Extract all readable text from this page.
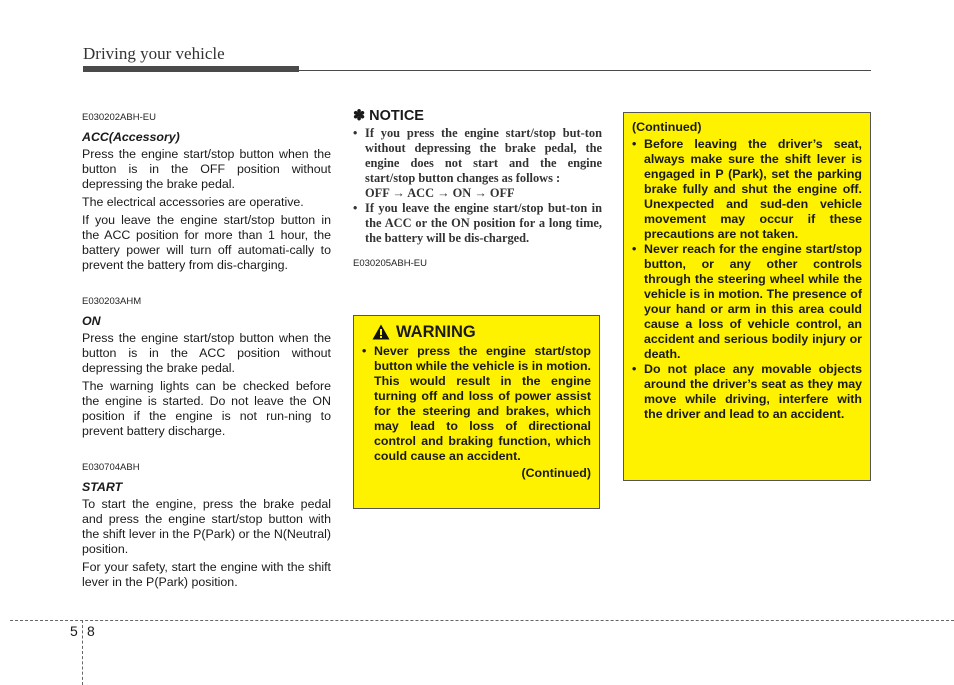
Driving your vehicle

E030202ABH-EU

ACC(Accessory)

Press the engine start/stop button when the button is in the OFF position without depressing the brake pedal.

The electrical accessories are operative.

If you leave the engine start/stop button in the ACC position for more than 1 hour, the battery power will turn off automati-cally to prevent the battery from dis-charging.

E030203AHM

ON

Press the engine start/stop button when the button is in the ACC position without depressing the brake pedal.

The warning lights can be checked before the engine is started. Do not leave the ON position if the engine is not run-ning to prevent battery discharge.

E030704ABH

START

To start the engine, press the brake pedal and press the engine start/stop button with the shift lever in the P(Park) or the N(Neutral) position.

For your safety, start the engine with the shift lever in the P(Park) position.

✽ NOTICE

• If you press the engine start/stop but-ton without depressing the brake pedal, the engine does not start and the engine start/stop button changes as follows :

OFF → ACC → ON → OFF

• If you leave the engine start/stop but-ton in the ACC or the ON position for a long time, the battery will be dis-charged.

E030205ABH-EU

WARNING

• Never press the engine start/stop button while the vehicle is in motion. This would result in the engine turning off and loss of power assist for the steering and brakes, which may lead to loss of directional control and braking function, which could cause an accident.

(Continued)
(Continued)

• Before leaving the driver’s seat, always make sure the shift lever is engaged in P (Park), set the parking brake fully and shut the engine off. Unexpected and sud-den vehicle movement may occur if these precautions are not taken.

• Never reach for the engine start/stop button, or any other controls through the steering wheel while the vehicle is in motion. The presence of your hand or arm in this area could cause a loss of vehicle control, an accident and serious bodily injury or death.

• Do not place any movable objects around the driver’s seat as they may move while driving, interfere with the driver and lead to an accident.

5 8
